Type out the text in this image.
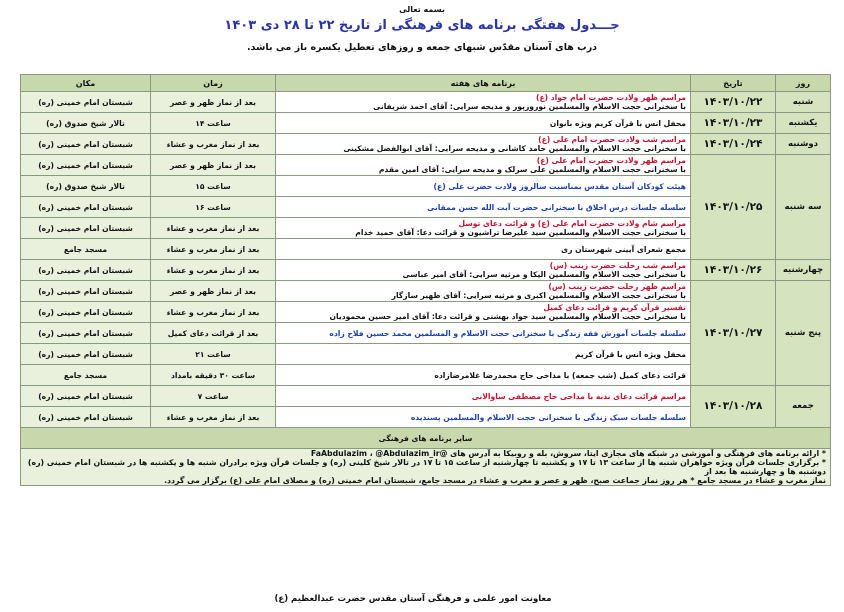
بسمه تعالی
جـــدول هفتگی برنامه های فرهنگی از تاریخ ۲۲ تا ۲۸ دی ۱۴۰۳
درب های آستان مقدّس شبهای جمعه و روزهای تعطیل یکسره باز می باشد.
روز	تاریخ	برنامه های هفته	زمان	مکان
شنبه	۱۴۰۳/۱۰/۲۲	مراسم ظهر ولادت حضرت امام جواد (ع)
با سخنرانی حجت الاسلام والمسلمین نوروزپور و مدیحه سرایی: آقای احمد شریفانی	بعد از نماز ظهر و عصر	شبستان امام خمینی (ره)
یکشنبه	۱۴۰۳/۱۰/۲۳	محفل انس با قرآن کریم ویژه بانوان	ساعت ۱۴	تالار شیخ صدوق (ره)
دوشنبه	۱۴۰۳/۱۰/۲۴	مراسم شب ولادت حضرت امام علی (ع)
با سخنرانی حجت الاسلام والمسلمین حامد کاشانی و مدیحه سرایی: آقای ابوالفضل مشکینی	بعد از نماز مغرب و عشاء	شبستان امام خمینی (ره)
سه شنبه	۱۴۰۳/۱۰/۲۵	مراسم ظهر ولادت حضرت امام علی (ع)
با سخنرانی حجت الاسلام والمسلمین علی سرلک و مدیحه سرایی: آقای امین مقدم	بعد از نماز ظهر و عصر	شبستان امام خمینی (ره)

		هیئت کودکان آستان مقدس بمناسبت سالروز ولادت حضرت علی (ع)	ساعت ۱۵	تالار شیخ صدوق (ره)

		سلسله جلسات درس اخلاق با سخنرانی حضرت آیت الله حسن ممقانی	ساعت ۱۶	شبستان امام خمینی (ره)

		مراسم شام ولادت حضرت امام علی (ع) و قرائت دعای توسل
با سخنرانی حجت الاسلام والمسلمین سید علیرضا تراشیون و قرائت دعا: آقای حمید خدام	بعد از نماز مغرب و عشاء	شبستان امام خمینی (ره)

		مجمع شعرای آیینی شهرستان ری	بعد از نماز مغرب و عشاء	مسجد جامع
چهارشنبه	۱۴۰۳/۱۰/۲۶	مراسم شب رحلت حضرت زینب (س)
با سخنرانی حجت الاسلام والمسلمین الیکا و مرثیه سرایی: آقای امیر عباسی	بعد از نماز مغرب و عشاء	شبستان امام خمینی (ره)
پنج شنبه	۱۴۰۳/۱۰/۲۷	مراسم ظهر رحلت حضرت زینب (س)
با سخنرانی حجت الاسلام والمسلمین اکبری و مرثیه سرایی: آقای ظهیر سازگار	بعد از نماز ظهر و عصر	شبستان امام خمینی (ره)

		تفسیر قرآن کریم و قرائت دعای کمیل
با سخنرانی حجت الاسلام والمسلمین سید جواد بهشتی و قرائت دعا: آقای امیر حسین محمودیان	بعد از نماز مغرب و عشاء	شبستان امام خمینی (ره)

		سلسله جلسات آموزش فقه زندگی با سخنرانی حجت الاسلام و المسلمین محمد حسین فلاح زاده	بعد از قرائت دعای کمیل	شبستان امام خمینی (ره)

		محفل ویژه انس با قرآن کریم	ساعت ۲۱	شبستان امام خمینی (ره)

		قرائت دعای کمیل (شب جمعه) با مداحی حاج محمدرضا غلامرضازاده	ساعت ۳۰ دقیقه بامداد	مسجد جامع
جمعه	۱۴۰۳/۱۰/۲۸	مراسم قرائت دعای ندبه با مداحی حاج مصطفی ساوالانی	ساعت ۷	شبستان امام خمینی (ره)

		سلسله جلسات سبک زندگی با سخنرانی حجت الاسلام والمسلمین پسندیده	بعد از نماز مغرب و عشاء	شبستان امام خمینی (ره)
سایر برنامه های فرهنگی				

* ارائه برنامه های فرهنگی و آموزشی در شبکه های مجازی ایتا، سروش، بله و روبیکا به آدرس های @FaAbdulazim ، @Abdulazim_ir
* برگزاری جلسات قرآن ویژه خواهران شنبه ها از ساعت ۱۳ تا ۱۷ و یکشنبه تا چهارشنبه از ساعت ۱۵ تا ۱۷ در تالار شیخ کلینی (ره) و جلسات قرآن ویژه برادران شنبه ها و یکشنبه ها در شبستان امام خمینی (ره) دوشنبه ها و چهارشنبه ها بعد از
نماز مغرب و عشاء در مسجد جامع * هر روز نماز جماعت صبح، ظهر و عصر و مغرب و عشاء در مسجد جامع، شبستان امام خمینی (ره) و مصلای امام علی (ع) برگزار می گردد.				
معاونت امور علمی و فرهنگی آستان مقدس حضرت عبدالعظیم (ع)
